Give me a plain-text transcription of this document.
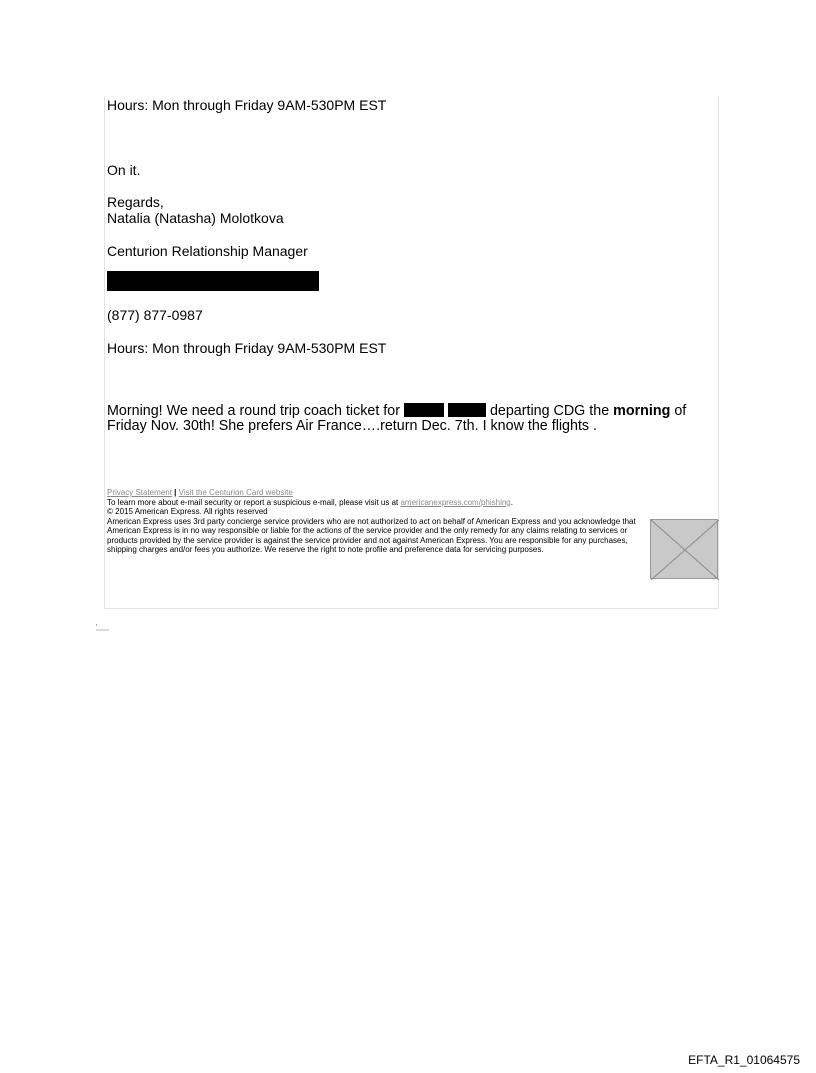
Hours: Mon through Friday 9AM-530PM EST
On it.
Regards,
Natalia (Natasha) Molotkova
Centurion Relationship Manager
(877) 877-0987
Hours: Mon through Friday 9AM-530PM EST
Morning! We need a round trip coach ticket for	departing CDG the morning of
Friday Nov. 30th! She prefers Air France….return Dec. 7th. I know the flights .
Privacy Statement | Visit the Centurion Card website
To learn more about e-mail security or report a suspicious e-mail, please visit us at americanexpress.com/phishing.
© 2015 American Express. All rights reserved
American Express uses 3rd party concierge service providers who are not authorized to act on behalf of American Express and you acknowledge that American Express is in no way responsible or liable for the actions of the service provider and the only remedy for any claims relating to services or products provided by the service provider is against the service provider and not against American Express. You are responsible for any purchases, shipping charges and/or fees you authorize. We reserve the right to note profile and preference data for servicing purposes.
EFTA_R1_01064575
